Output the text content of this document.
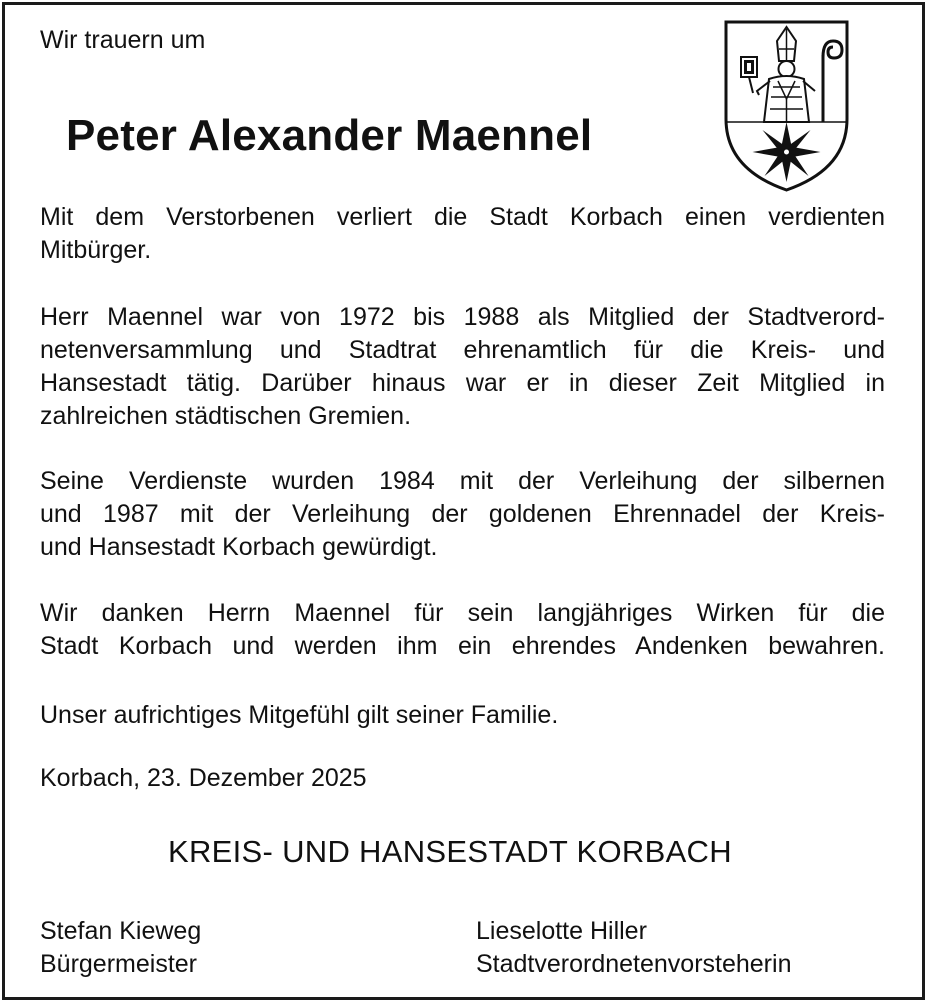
Wir trauern um
Peter Alexander Maennel
Mit dem Verstorbenen verliert die Stadt Korbach einen verdienten
Mitbürger.
Herr Maennel war von 1972 bis 1988 als Mitglied der Stadtverord-
netenversammlung und Stadtrat ehrenamtlich für die Kreis- und
Hansestadt tätig. Darüber hinaus war er in dieser Zeit Mitglied in
zahlreichen städtischen Gremien.
Seine Verdienste wurden 1984 mit der Verleihung der silbernen
und 1987 mit der Verleihung der goldenen Ehrennadel der Kreis-
und Hansestadt Korbach gewürdigt.
Wir danken Herrn Maennel für sein langjähriges Wirken für die
Stadt Korbach und werden ihm ein ehrendes Andenken bewahren.
Unser aufrichtiges Mitgefühl gilt seiner Familie.
Korbach, 23. Dezember 2025
KREIS- UND HANSESTADT KORBACH
Stefan Kieweg
Bürgermeister
Lieselotte Hiller
Stadtverordnetenvorsteherin
